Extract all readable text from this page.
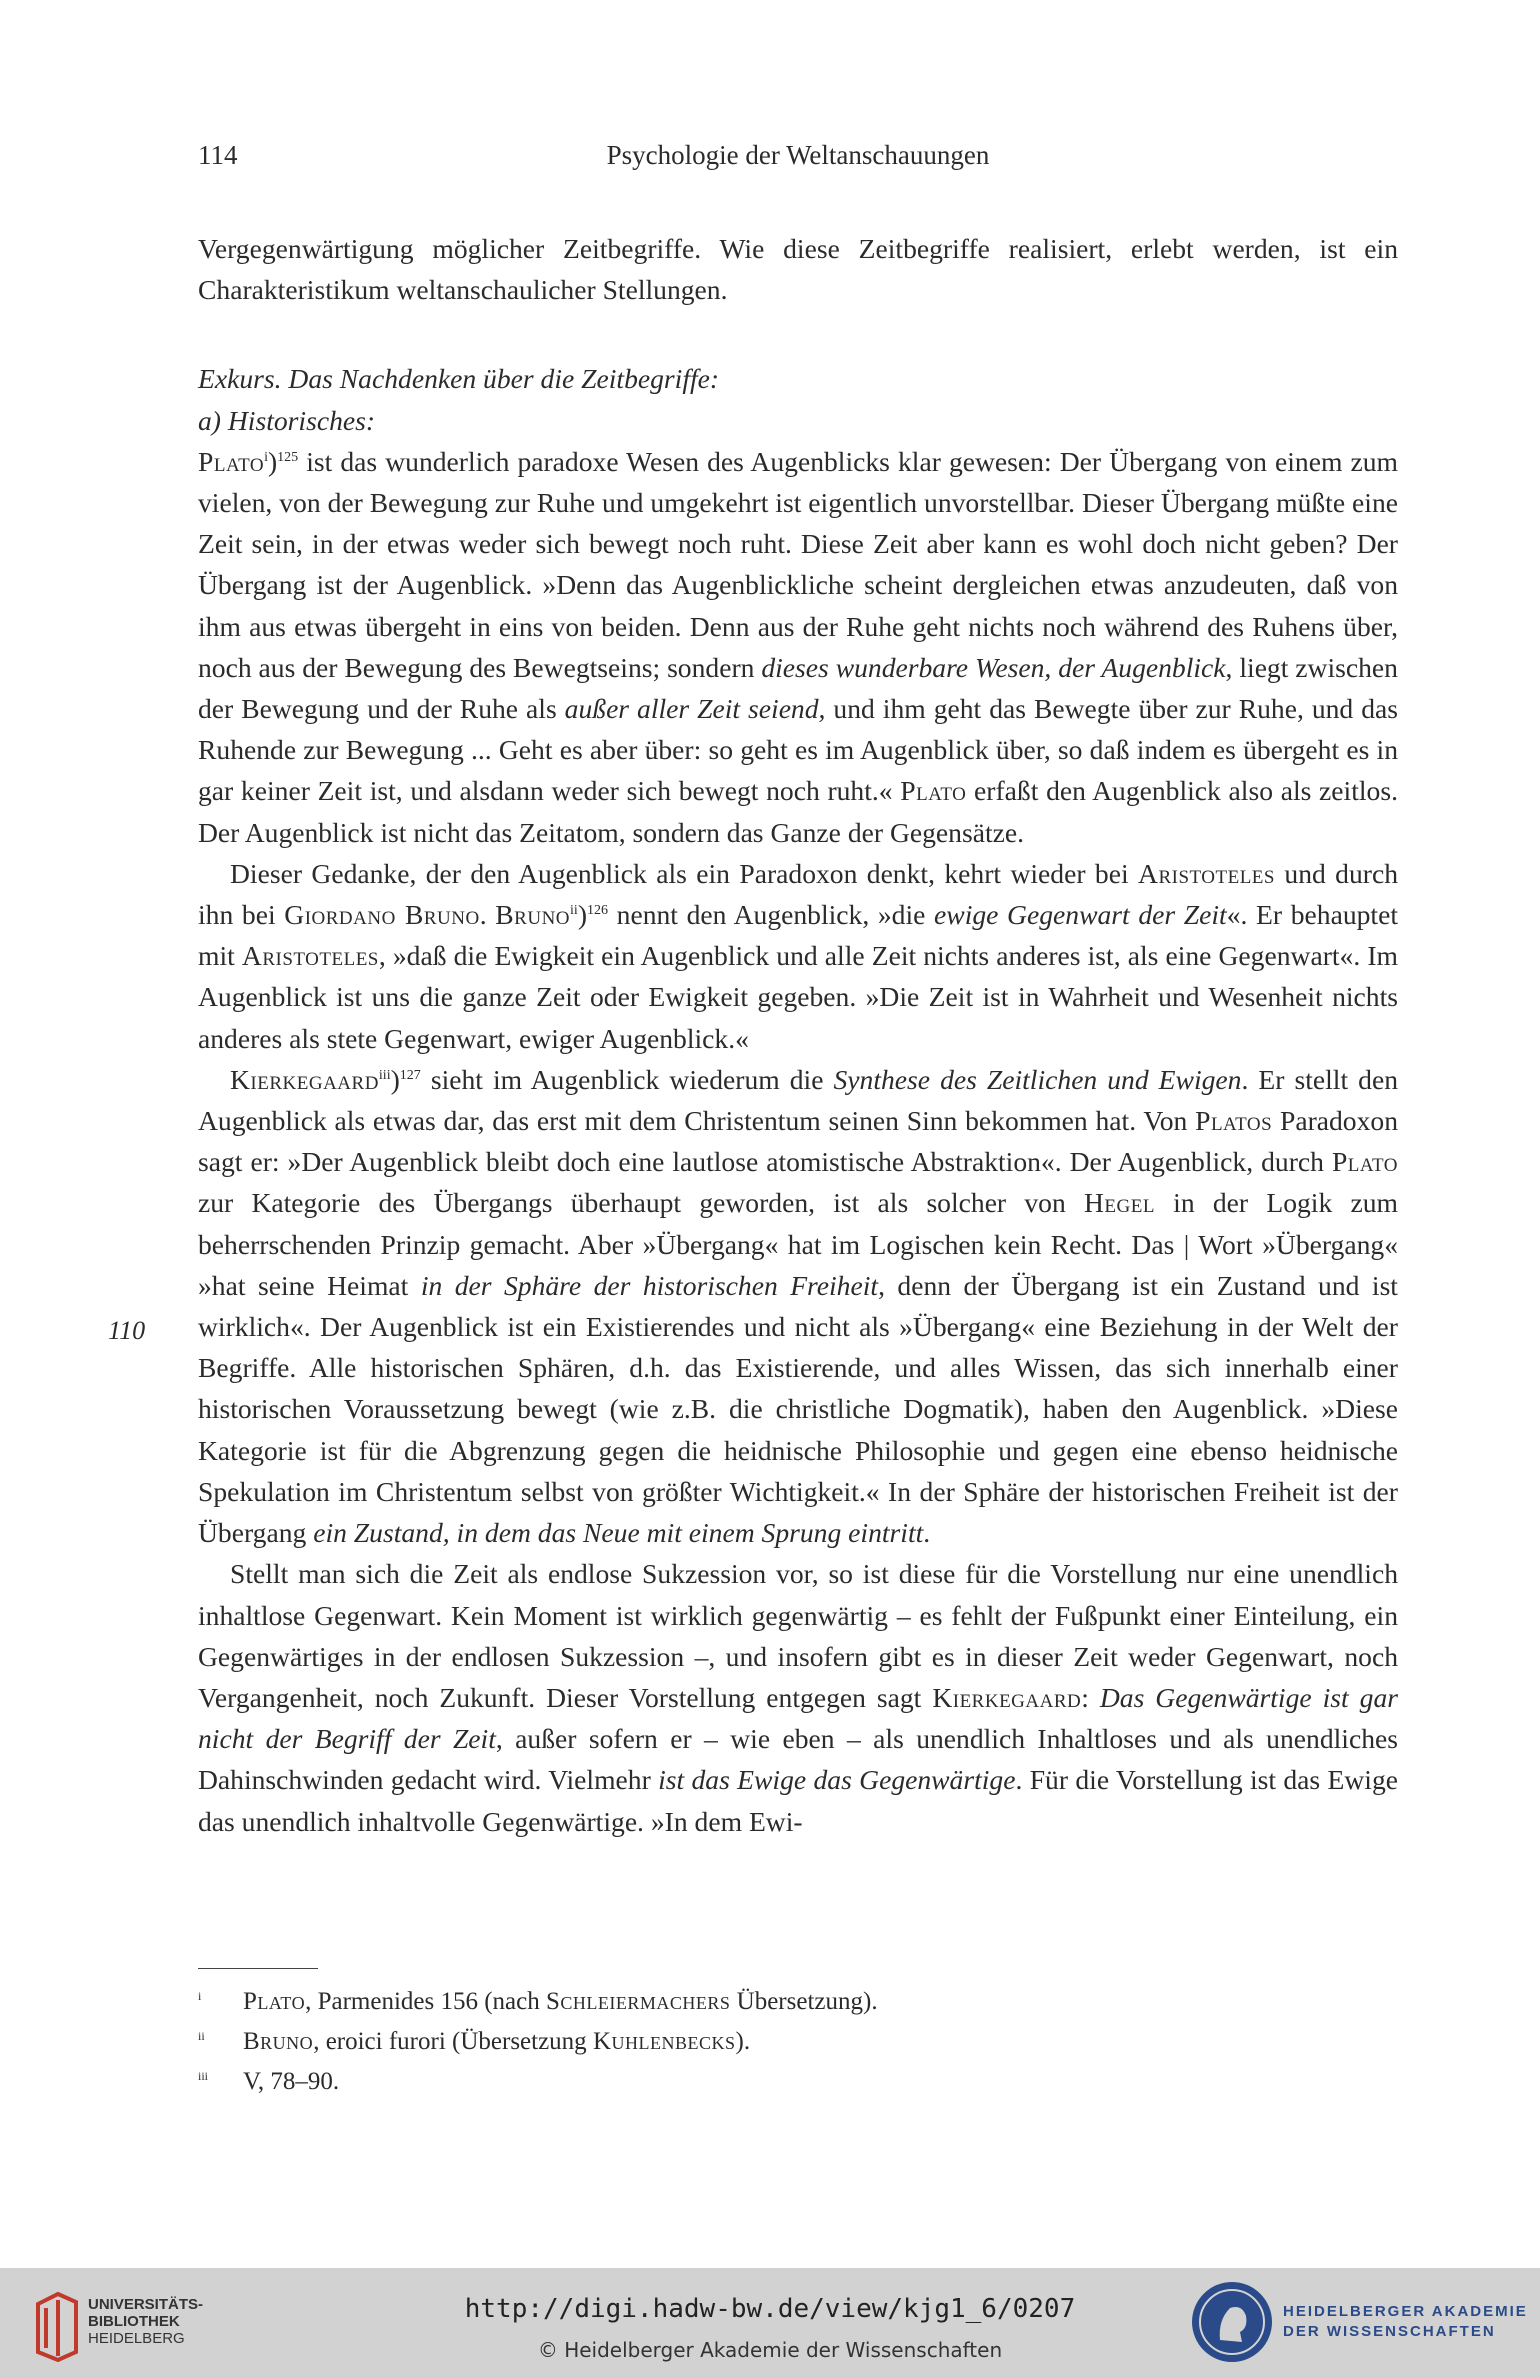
114	Psychologie der Weltanschauungen
110

Vergegenwärtigung möglicher Zeitbegriffe. Wie diese Zeitbegriffe realisiert, erlebt werden, ist ein Charakteristikum weltanschaulicher Stellungen.

Exkurs. Das Nachdenken über die Zeitbegriffe:

a) Historisches:

Plato$^i$)$^{125}$ ist das wunderlich paradoxe Wesen des Augenblicks klar gewesen: Der Übergang von einem zum vielen, von der Bewegung zur Ruhe und umgekehrt ist eigentlich unvorstellbar. Dieser Übergang müßte eine Zeit sein, in der etwas weder sich bewegt noch ruht. Diese Zeit aber kann es wohl doch nicht geben? Der Übergang ist der Augenblick. »Denn das Augenblickliche scheint dergleichen etwas anzudeuten, daß von ihm aus etwas übergeht in eins von beiden. Denn aus der Ruhe geht nichts noch während des Ruhens über, noch aus der Bewegung des Bewegtseins; sondern dieses wunderbare Wesen, der Augenblick, liegt zwischen der Bewegung und der Ruhe als außer aller Zeit seiend, und ihm geht das Bewegte über zur Ruhe, und das Ruhende zur Bewegung ... Geht es aber über: so geht es im Augenblick über, so daß indem es übergeht es in gar keiner Zeit ist, und alsdann weder sich bewegt noch ruht.« Plato erfaßt den Augenblick also als zeitlos. Der Augenblick ist nicht das Zeitatom, sondern das Ganze der Gegensätze.

Dieser Gedanke, der den Augenblick als ein Paradoxon denkt, kehrt wieder bei Aristoteles und durch ihn bei Giordano Bruno. Bruno$^{ii}$)$^{126}$ nennt den Augenblick, »die ewige Gegenwart der Zeit«. Er behauptet mit Aristoteles, »daß die Ewigkeit ein Augenblick und alle Zeit nichts anderes ist, als eine Gegenwart«. Im Augenblick ist uns die ganze Zeit oder Ewigkeit gegeben. »Die Zeit ist in Wahrheit und Wesenheit nichts anderes als stete Gegenwart, ewiger Augenblick.«

Kierkegaard$^{iii}$)$^{127}$ sieht im Augenblick wiederum die Synthese des Zeitlichen und Ewigen. Er stellt den Augenblick als etwas dar, das erst mit dem Christentum seinen Sinn bekommen hat. Von Platos Paradoxon sagt er: »Der Augenblick bleibt doch eine lautlose atomistische Abstraktion«. Der Augenblick, durch Plato zur Kategorie des Übergangs überhaupt geworden, ist als solcher von Hegel in der Logik zum beherrschenden Prinzip gemacht. Aber »Übergang« hat im Logischen kein Recht. Das | Wort »Übergang« »hat seine Heimat in der Sphäre der historischen Freiheit, denn der Übergang ist ein Zustand und ist wirklich«. Der Augenblick ist ein Existierendes und nicht als »Übergang« eine Beziehung in der Welt der Begriffe. Alle historischen Sphären, d.h. das Existierende, und alles Wissen, das sich innerhalb einer historischen Voraussetzung bewegt (wie z.B. die christliche Dogmatik), haben den Augenblick. »Diese Kategorie ist für die Abgrenzung gegen die heidnische Philosophie und gegen eine ebenso heidnische Spekulation im Christentum selbst von größter Wichtigkeit.« In der Sphäre der historischen Freiheit ist der Übergang ein Zustand, in dem das Neue mit einem Sprung eintritt.

Stellt man sich die Zeit als endlose Sukzession vor, so ist diese für die Vorstellung nur eine unendlich inhaltlose Gegenwart. Kein Moment ist wirklich gegenwärtig – es fehlt der Fußpunkt einer Einteilung, ein Gegenwärtiges in der endlosen Sukzession –, und insofern gibt es in dieser Zeit weder Gegenwart, noch Vergangenheit, noch Zukunft. Dieser Vorstellung entgegen sagt Kierkegaard: Das Gegenwärtige ist gar nicht der Begriff der Zeit, außer sofern er – wie eben – als unendlich Inhaltloses und als unendliches Dahinschwinden gedacht wird. Vielmehr ist das Ewige das Gegenwärtige. Für die Vorstellung ist das Ewige das unendlich inhaltvolle Gegenwärtige. »In dem Ewi-

i Plato, Parmenides 156 (nach Schleiermachers Übersetzung).
ii Bruno, eroici furori (Übersetzung Kuhlenbecks).
iii V, 78–90.
UNIVERSITÄTS-
BIBLIOTHEK
HEIDELBERG
http://digi.hadw-bw.de/view/kjg1_6/0207
© Heidelberger Akademie der Wissenschaften
HEIDELBERGER AKADEMIE
DER WISSENSCHAFTEN
